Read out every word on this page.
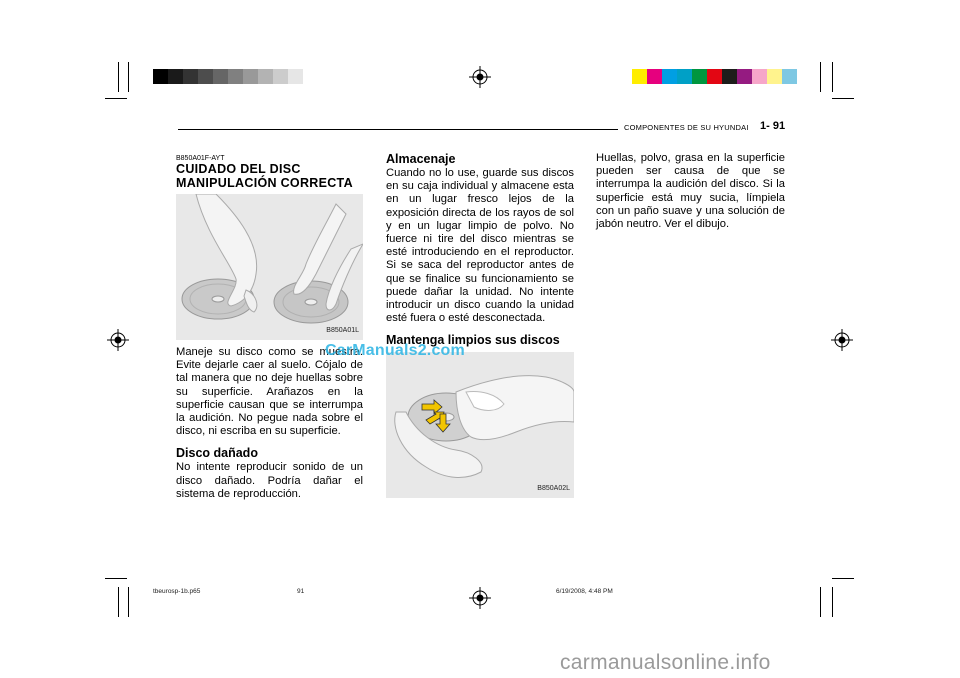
COMPONENTES DE SU HYUNDAI 1- 91
B850A01F-AYT
CUIDADO DEL DISC
MANIPULACIÓN CORRECTA
B850A01L

Maneje su disco como se muestra. Evite dejarle caer al suelo. Cójalo de tal manera que no deje huellas sobre su superficie. Arañazos en la superficie causan que se interrumpa la audición. No pegue nada sobre el disco, ni escriba en su superficie.

Disco dañado

No intente reproducir sonido de un disco dañado. Podría dañar el sistema de reproducción.

Almacenaje

Cuando no lo use, guarde sus discos en su caja individual y almacene esta en un lugar fresco lejos de la exposición directa de los rayos de sol y en un lugar limpio de polvo. No fuerce ni tire del disco mientras se esté introduciendo en el reproductor. Si se saca del reproductor antes de que se finalice su funcionamiento se puede dañar la unidad. No intente introducir un disco cuando la unidad esté fuera o esté desconectada.

Mantenga limpios sus discos
B850A02L

Huellas, polvo, grasa en la superficie pueden ser causa de que se interrumpa la audición del disco. Si la superficie está muy sucia, límpiela con un paño suave y una solución de jabón neutro. Ver el dibujo.

CarManuals2.com
carmanualsonline.info
tbeurosp-1b.p65	91	6/19/2008, 4:48 PM
